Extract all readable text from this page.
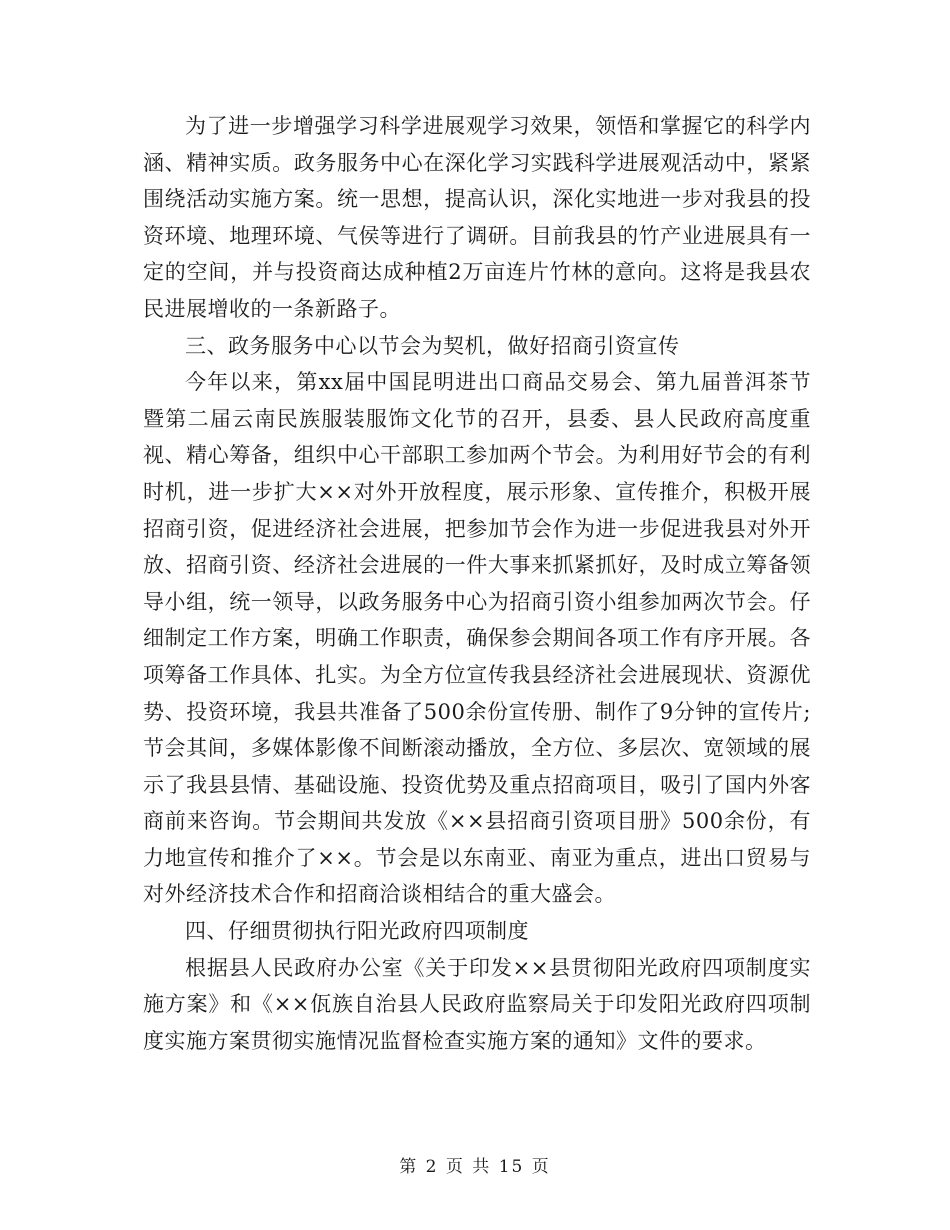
为了进一步增强学习科学进展观学习效果，领悟和掌握它的科学内涵、精神实质。政务服务中心在深化学习实践科学进展观活动中，紧紧围绕活动实施方案。统一思想，提高认识，深化实地进一步对我县的投资环境、地理环境、气侯等进行了调研。目前我县的竹产业进展具有一定的空间，并与投资商达成种植2万亩连片竹林的意向。这将是我县农民进展增收的一条新路子。

三、政务服务中心以节会为契机，做好招商引资宣传

今年以来，第xx届中国昆明进出口商品交易会、第九届普洱茶节暨第二届云南民族服装服饰文化节的召开，县委、县人民政府高度重视、精心筹备，组织中心干部职工参加两个节会。为利用好节会的有利时机，进一步扩大××对外开放程度，展示形象、宣传推介，积极开展招商引资，促进经济社会进展，把参加节会作为进一步促进我县对外开放、招商引资、经济社会进展的一件大事来抓紧抓好，及时成立筹备领导小组，统一领导，以政务服务中心为招商引资小组参加两次节会。仔细制定工作方案，明确工作职责，确保参会期间各项工作有序开展。各项筹备工作具体、扎实。为全方位宣传我县经济社会进展现状、资源优势、投资环境，我县共准备了500余份宣传册、制作了9分钟的宣传片;节会其间，多媒体影像不间断滚动播放，全方位、多层次、宽领域的展示了我县县情、基础设施、投资优势及重点招商项目，吸引了国内外客商前来咨询。节会期间共发放《××县招商引资项目册》500余份，有力地宣传和推介了××。节会是以东南亚、南亚为重点，进出口贸易与对外经济技术合作和招商洽谈相结合的重大盛会。

四、仔细贯彻执行阳光政府四项制度

根据县人民政府办公室《关于印发××县贯彻阳光政府四项制度实施方案》和《××佤族自治县人民政府监察局关于印发阳光政府四项制度实施方案贯彻实施情况监督检查实施方案的通知》文件的要求。

第 2 页 共 15 页
